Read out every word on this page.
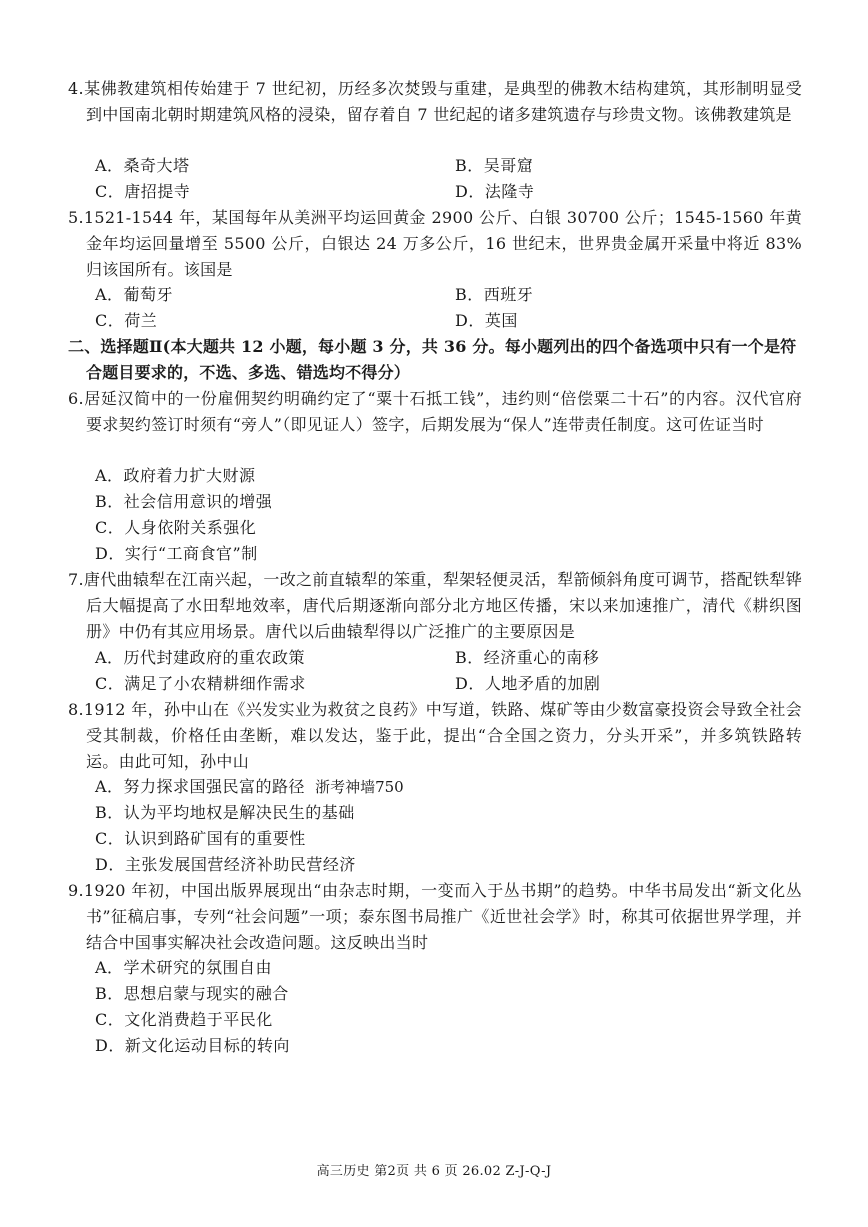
4.某佛教建筑相传始建于 7 世纪初，历经多次焚毁与重建，是典型的佛教木结构建筑，其形制明显受到中国南北朝时期建筑风格的浸染，留存着自 7 世纪起的诸多建筑遗存与珍贵文物。该佛教建筑是

A．桑奇大塔	B．吴哥窟
C．唐招提寺	D．法隆寺

5.1521-1544 年，某国每年从美洲平均运回黄金 2900 公斤、白银 30700 公斤；1545-1560 年黄金年均运回量增至 5500 公斤，白银达 24 万多公斤，16 世纪末，世界贵金属开采量中将近 83%归该国所有。该国是

A．葡萄牙	B．西班牙
C．荷兰	D．英国

二、选择题Ⅱ(本大题共 12 小题，每小题 3 分，共 36 分。每小题列出的四个备选项中只有一个是符合题目要求的，不选、多选、错选均不得分）

6.居延汉简中的一份雇佣契约明确约定了“粟十石抵工钱”，违约则“倍偿粟二十石”的内容。汉代官府要求契约签订时须有“旁人”（即见证人）签字，后期发展为“保人”连带责任制度。这可佐证当时

A．政府着力扩大财源
B．社会信用意识的增强
C．人身依附关系强化
D．实行“工商食官”制

7.唐代曲辕犁在江南兴起，一改之前直辕犁的笨重，犁架轻便灵活，犁箭倾斜角度可调节，搭配铁犁铧后大幅提高了水田犁地效率，唐代后期逐渐向部分北方地区传播，宋以来加速推广，清代《耕织图册》中仍有其应用场景。唐代以后曲辕犁得以广泛推广的主要原因是

A．历代封建政府的重农政策	B．经济重心的南移
C．满足了小农精耕细作需求	D．人地矛盾的加剧

8.1912 年，孙中山在《兴发实业为救贫之良药》中写道，铁路、煤矿等由少数富豪投资会导致全社会受其制裁，价格任由垄断，难以发达，鉴于此，提出“合全国之资力，分头开采”，并多筑铁路转运。由此可知，孙中山

A．努力探求国强民富的路径 浙考神墙750
B．认为平均地权是解决民生的基础
C．认识到路矿国有的重要性
D．主张发展国营经济补助民营经济

9.1920 年初，中国出版界展现出“由杂志时期，一变而入于丛书期”的趋势。中华书局发出“新文化丛书”征稿启事，专列“社会问题”一项；泰东图书局推广《近世社会学》时，称其可依据世界学理，并结合中国事实解决社会改造问题。这反映出当时

A．学术研究的氛围自由
B．思想启蒙与现实的融合
C．文化消费趋于平民化
D．新文化运动目标的转向
高三历史 第2页 共 6 页 26.02 Z-J-Q-J
